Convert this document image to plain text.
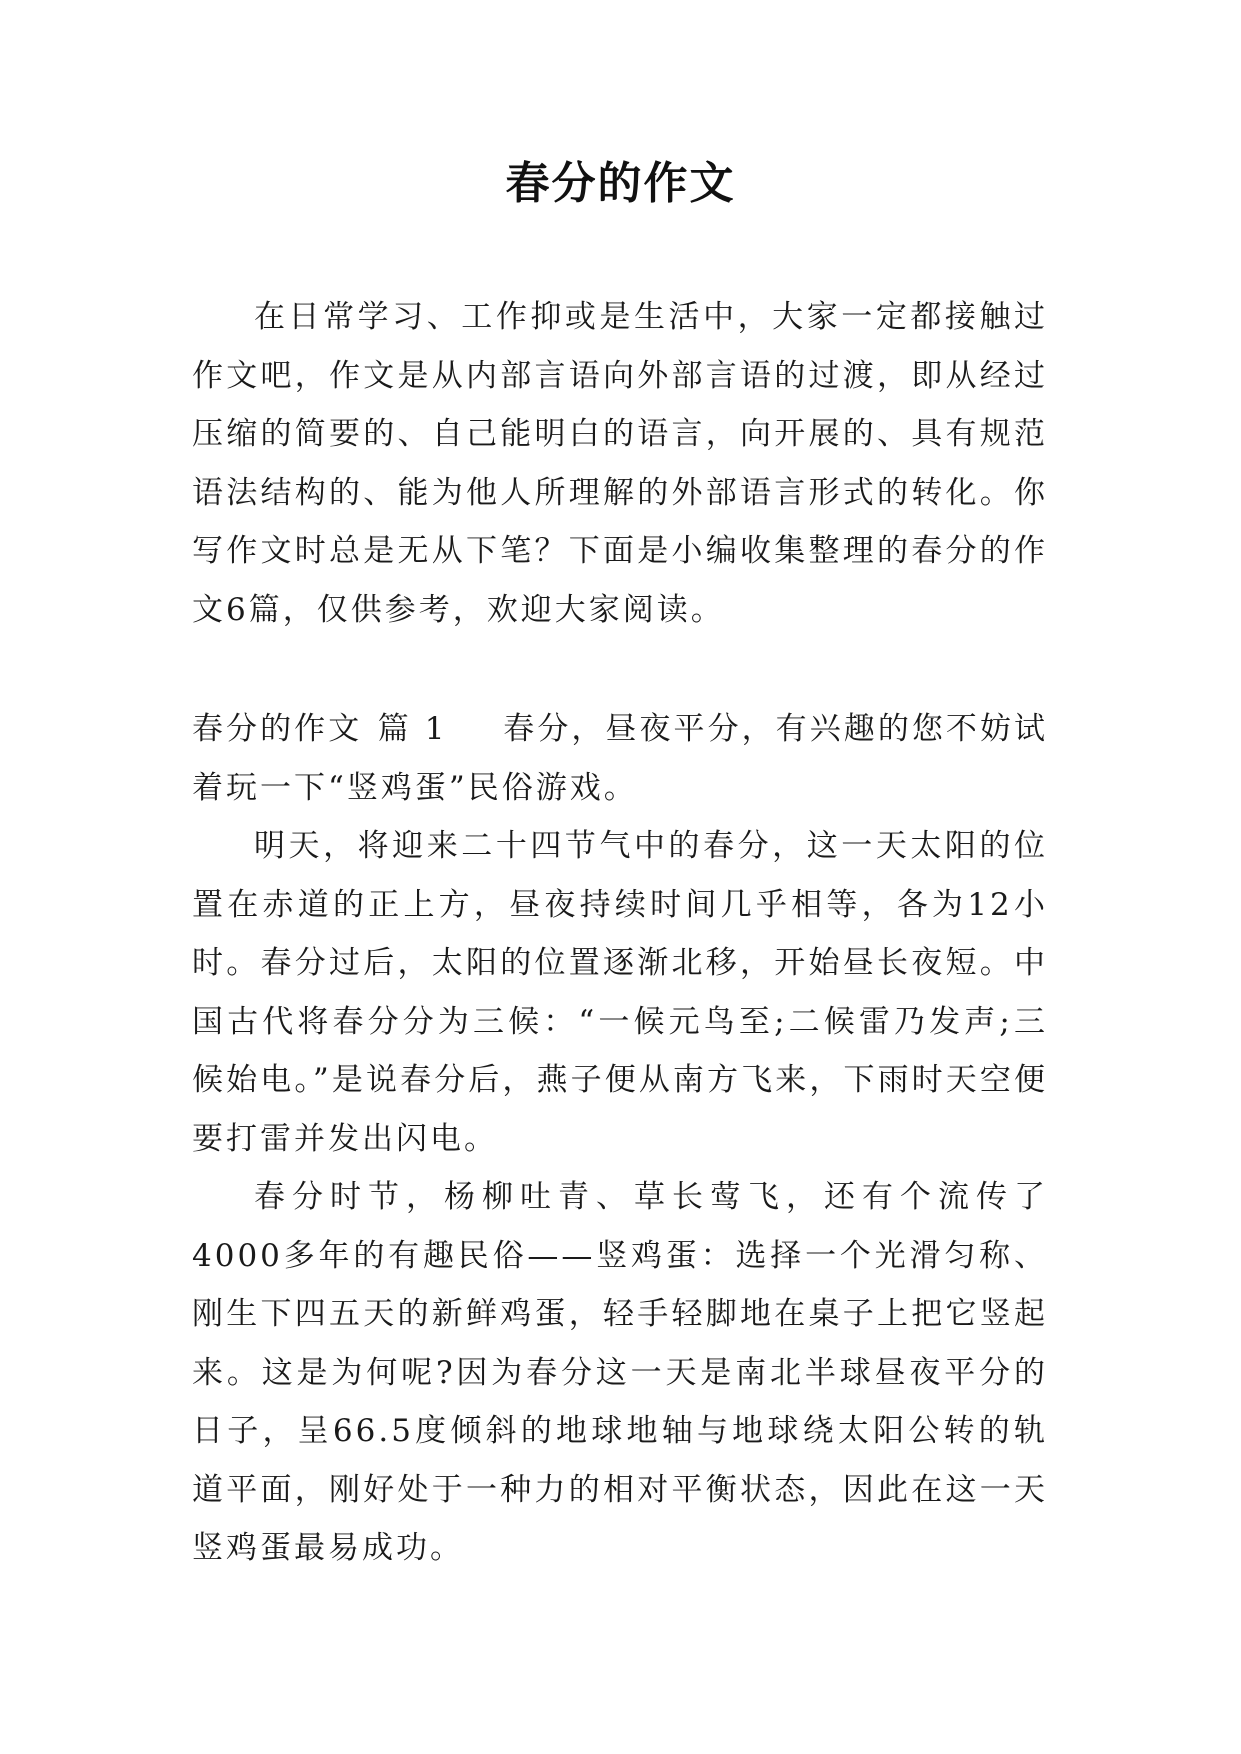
春分的作文

在日常学习、工作抑或是生活中，大家一定都接触过作文吧，作文是从内部言语向外部言语的过渡，即从经过压缩的简要的、自己能明白的语言，向开展的、具有规范语法结构的、能为他人所理解的外部语言形式的转化。你写作文时总是无从下笔？下面是小编收集整理的春分的作文6篇，仅供参考，欢迎大家阅读。

春分的作文 篇 1 春分，昼夜平分，有兴趣的您不妨试着玩一下“竖鸡蛋”民俗游戏。

明天，将迎来二十四节气中的春分，这一天太阳的位置在赤道的正上方，昼夜持续时间几乎相等，各为12小时。春分过后，太阳的位置逐渐北移，开始昼长夜短。中国古代将春分分为三候：“一候元鸟至;二候雷乃发声;三候始电。”是说春分后，燕子便从南方飞来，下雨时天空便要打雷并发出闪电。

春分时节，杨柳吐青、草长莺飞，还有个流传了4000多年的有趣民俗——竖鸡蛋：选择一个光滑匀称、刚生下四五天的新鲜鸡蛋，轻手轻脚地在桌子上把它竖起来。这是为何呢?因为春分这一天是南北半球昼夜平分的日子，呈66.5度倾斜的地球地轴与地球绕太阳公转的轨道平面，刚好处于一种力的相对平衡状态，因此在这一天竖鸡蛋最易成功。
